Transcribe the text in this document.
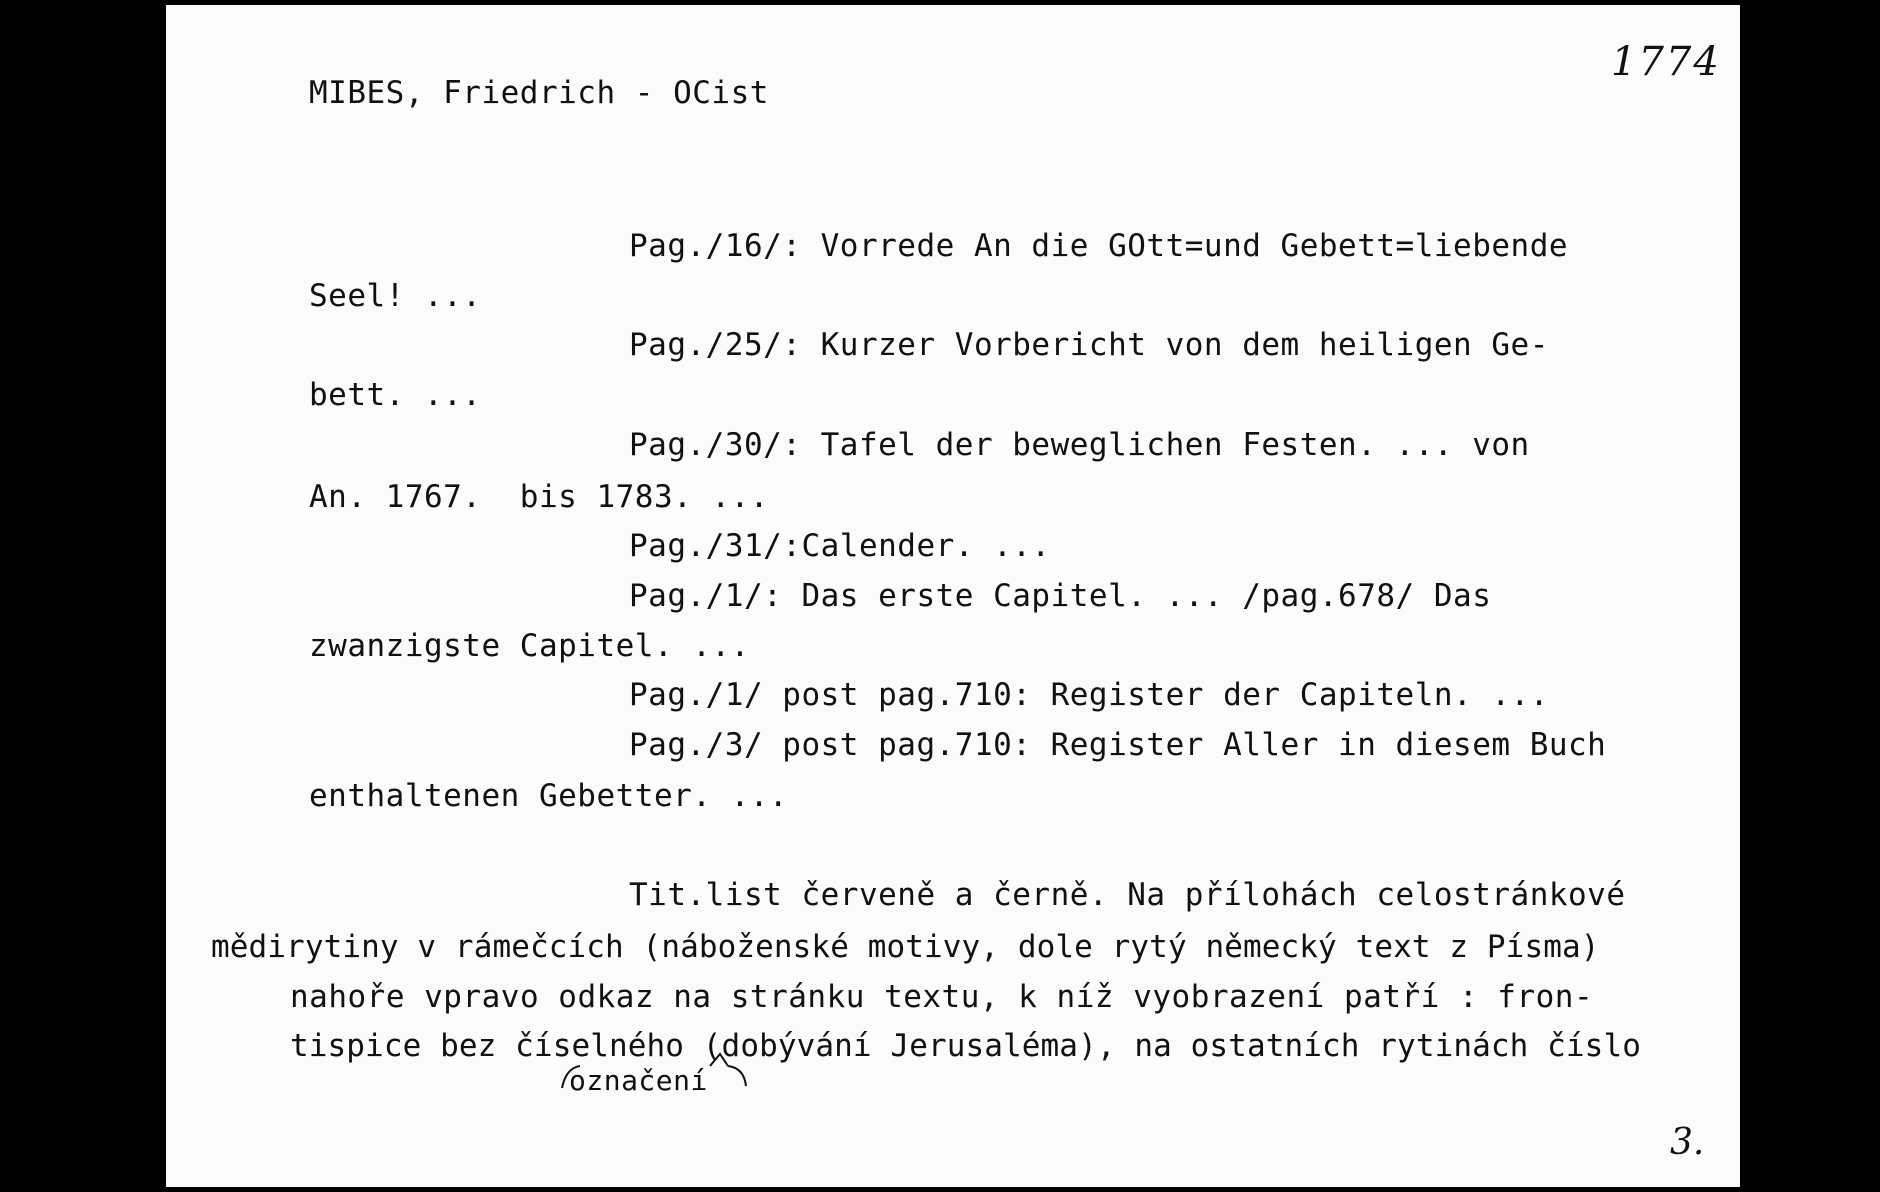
1774
MIBES, Friedrich - OCist
Pag./16/: Vorrede An die GOtt=und Gebett=liebende
Seel! ...
Pag./25/: Kurzer Vorbericht von dem heiligen Ge-
bett. ...
Pag./30/: Tafel der beweglichen Festen. ... von
An. 1767.  bis 1783. ...
Pag./31/:Calender. ...
Pag./1/: Das erste Capitel. ... /pag.678/ Das
zwanzigste Capitel. ...
Pag./1/ post pag.710: Register der Capiteln. ...
Pag./3/ post pag.710: Register Aller in diesem Buch
enthaltenen Gebetter. ...
Tit.list červeně a černě. Na přílohách celostránkové
mědirytiny v rámečcích (náboženské motivy, dole rytý německý text z Písma)
nahoře vpravo odkaz na stránku textu, k níž vyobrazení patří : fron-
tispice bez číselného (dobývání Jerusaléma), na ostatních rytinách číslo
označení
3.
